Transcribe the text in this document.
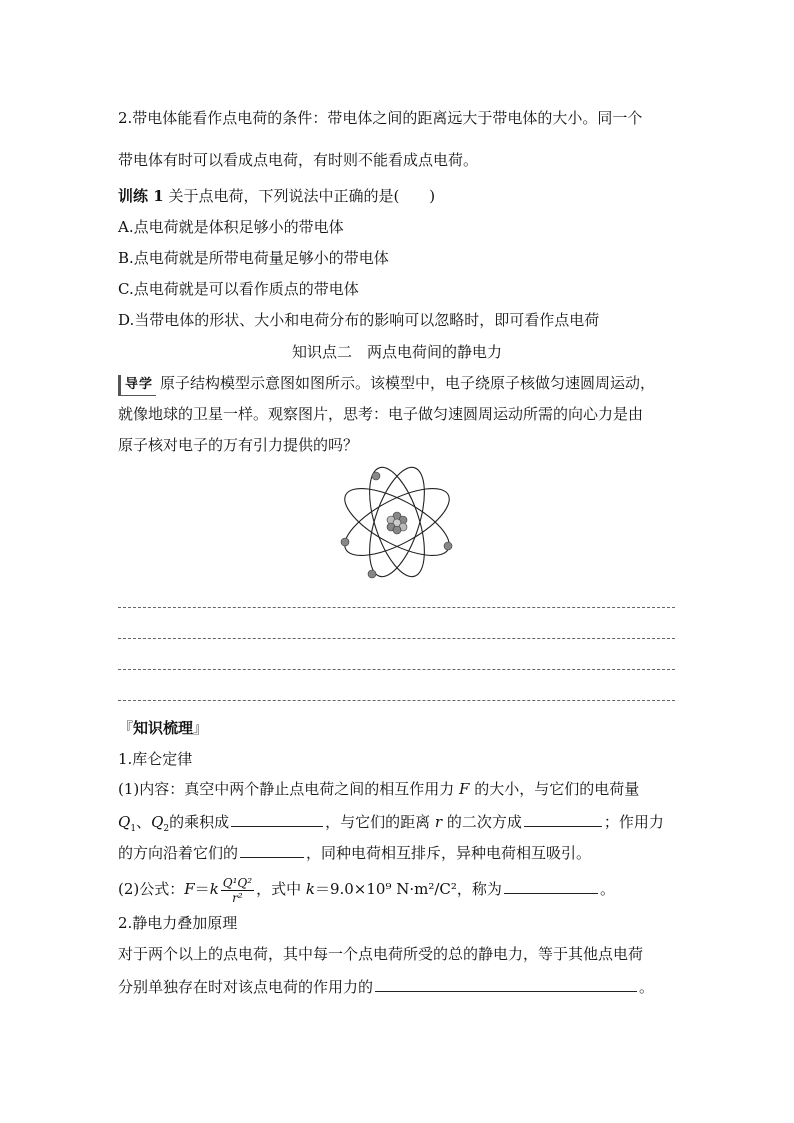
2.带电体能看作点电荷的条件：带电体之间的距离远大于带电体的大小。同一个
带电体有时可以看成点电荷，有时则不能看成点电荷。
训练 1 关于点电荷，下列说法中正确的是(　　)
A.点电荷就是体积足够小的带电体
B.点电荷就是所带电荷量足够小的带电体
C.点电荷就是可以看作质点的带电体
D.当带电体的形状、大小和电荷分布的影响可以忽略时，即可看作点电荷
知识点二　两点电荷间的静电力
导学 原子结构模型示意图如图所示。该模型中，电子绕原子核做匀速圆周运动，
就像地球的卫星一样。观察图片，思考：电子做匀速圆周运动所需的向心力是由
原子核对电子的万有引力提供的吗？
『知识梳理』
1.库仑定律
(1)内容：真空中两个静止点电荷之间的相互作用力 F 的大小，与它们的电荷量
$Q_1$、$Q_2$的乘积成	，与它们的距离 r 的二次方成	；作用力
的方向沿着它们的	，同种电荷相互排斥，异种电荷相互吸引。
(2)公式：$F=k \frac{\text{Q¹Q²}}{\text{r²}}$ ，式中 k＝9.0×10⁹ N·m²/C²，称为	。
2.静电力叠加原理
对于两个以上的点电荷，其中每一个点电荷所受的总的静电力，等于其他点电荷
分别单独存在时对该点电荷的作用力的	。
